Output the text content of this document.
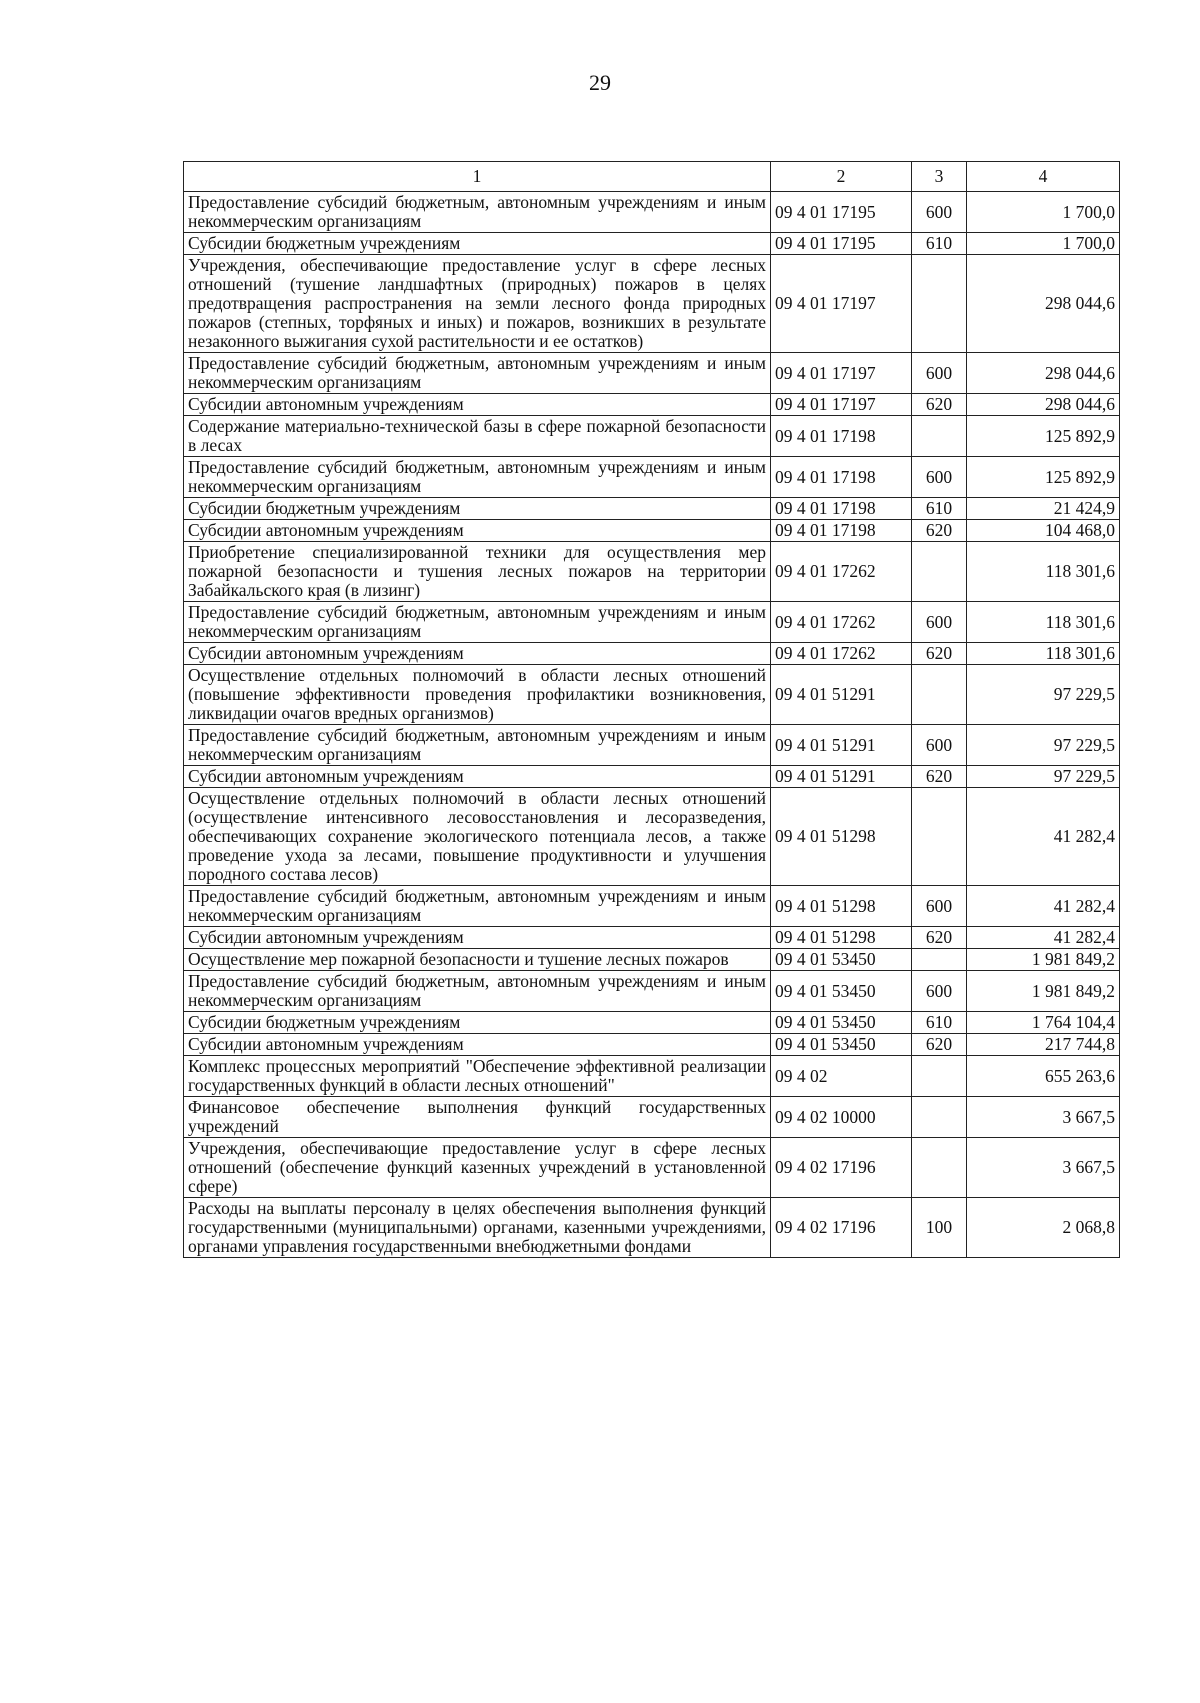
29
1	2	3	4
Предоставление субсидий бюджетным, автономным учреждениям и иным некоммерческим организациям	09 4 01 17195	600	1 700,0
Субсидии бюджетным учреждениям	09 4 01 17195	610	1 700,0
Учреждения, обеспечивающие предоставление услуг в сфере лесных отношений (тушение ландшафтных (природных) пожаров в целях предотвращения распространения на земли лесного фонда природных пожаров (степных, торфяных и иных) и пожаров, возникших в результате незаконного выжигания сухой растительности и ее остатков)	09 4 01 17197		298 044,6
Предоставление субсидий бюджетным, автономным учреждениям и иным некоммерческим организациям	09 4 01 17197	600	298 044,6
Субсидии автономным учреждениям	09 4 01 17197	620	298 044,6
Содержание материально-технической базы в сфере пожарной безопасности в лесах	09 4 01 17198		125 892,9
Предоставление субсидий бюджетным, автономным учреждениям и иным некоммерческим организациям	09 4 01 17198	600	125 892,9
Субсидии бюджетным учреждениям	09 4 01 17198	610	21 424,9
Субсидии автономным учреждениям	09 4 01 17198	620	104 468,0
Приобретение специализированной техники для осуществления мер пожарной безопасности и тушения лесных пожаров на территории Забайкальского края (в лизинг)	09 4 01 17262		118 301,6
Предоставление субсидий бюджетным, автономным учреждениям и иным некоммерческим организациям	09 4 01 17262	600	118 301,6
Субсидии автономным учреждениям	09 4 01 17262	620	118 301,6
Осуществление отдельных полномочий в области лесных отношений (повышение эффективности проведения профилактики возникновения, ликвидации очагов вредных организмов)	09 4 01 51291		97 229,5
Предоставление субсидий бюджетным, автономным учреждениям и иным некоммерческим организациям	09 4 01 51291	600	97 229,5
Субсидии автономным учреждениям	09 4 01 51291	620	97 229,5
Осуществление отдельных полномочий в области лесных отношений (осуществление интенсивного лесовосстановления и лесоразведения, обеспечивающих сохранение экологического потенциала лесов, а также проведение ухода за лесами, повышение продуктивности и улучшения породного состава лесов)	09 4 01 51298		41 282,4
Предоставление субсидий бюджетным, автономным учреждениям и иным некоммерческим организациям	09 4 01 51298	600	41 282,4
Субсидии автономным учреждениям	09 4 01 51298	620	41 282,4
Осуществление мер пожарной безопасности и тушение лесных пожаров	09 4 01 53450		1 981 849,2
Предоставление субсидий бюджетным, автономным учреждениям и иным некоммерческим организациям	09 4 01 53450	600	1 981 849,2
Субсидии бюджетным учреждениям	09 4 01 53450	610	1 764 104,4
Субсидии автономным учреждениям	09 4 01 53450	620	217 744,8
Комплекс процессных мероприятий "Обеспечение эффективной реализации государственных функций в области лесных отношений"	09 4 02		655 263,6
Финансовое обеспечение выполнения функций государственных учреждений	09 4 02 10000		3 667,5
Учреждения, обеспечивающие предоставление услуг в сфере лесных отношений (обеспечение функций казенных учреждений в установленной сфере)	09 4 02 17196		3 667,5
Расходы на выплаты персоналу в целях обеспечения выполнения функций государственными (муниципальными) органами, казенными учреждениями, органами управления государственными внебюджетными фондами	09 4 02 17196	100	2 068,8
